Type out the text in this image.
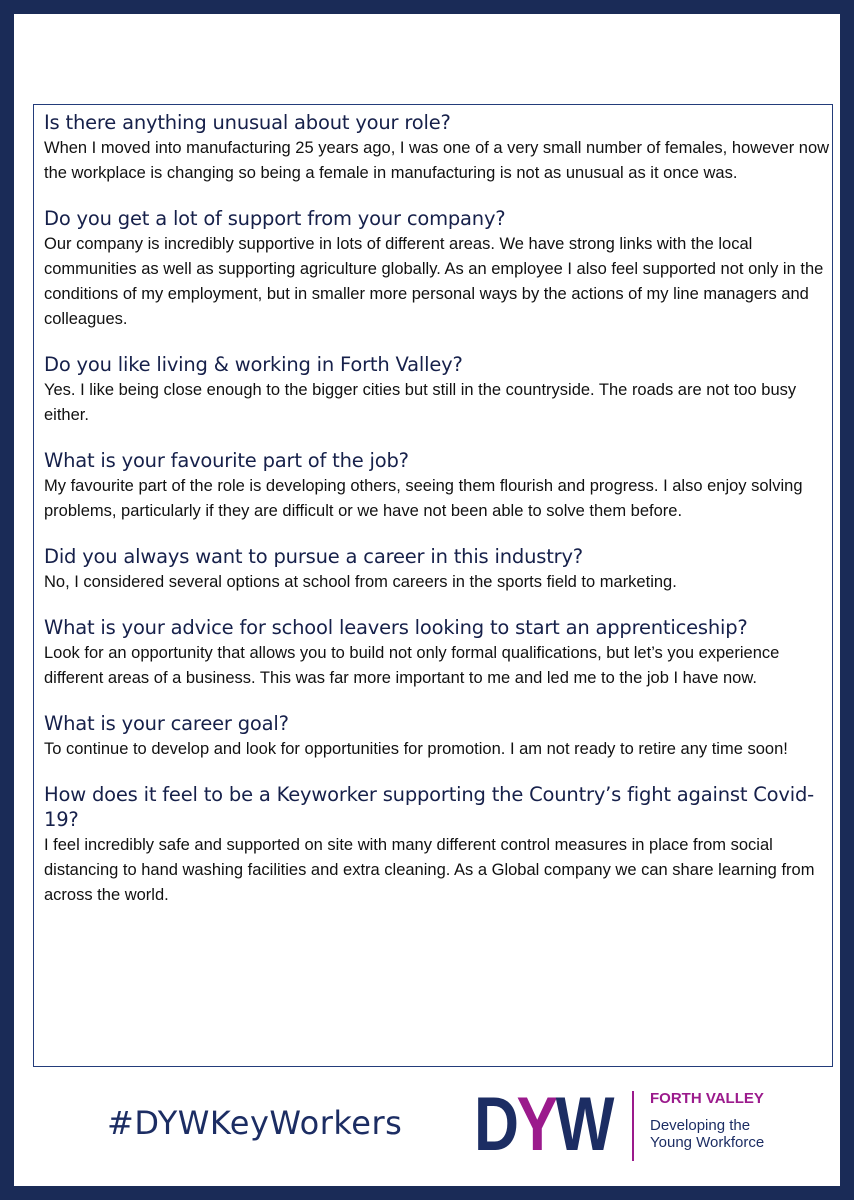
Is there anything unusual about your role?

When I moved into manufacturing 25 years ago, I was one of a very small number of females, however now the workplace is changing so being a female in manufacturing is not as unusual as it once was.

Do you get a lot of support from your company?

Our company is incredibly supportive in lots of different areas. We have strong links with the local communities as well as supporting agriculture globally. As an employee I also feel supported not only in the conditions of my employment, but in smaller more personal ways by the actions of my line managers and colleagues.

Do you like living & working in Forth Valley?

Yes. I like being close enough to the bigger cities but still in the countryside. The roads are not too busy either.

What is your favourite part of the job?

My favourite part of the role is developing others, seeing them flourish and progress. I also enjoy solving problems, particularly if they are difficult or we have not been able to solve them before.

Did you always want to pursue a career in this industry?

No, I considered several options at school from careers in the sports field to marketing.

What is your advice for school leavers looking to start an apprenticeship?

Look for an opportunity that allows you to build not only formal qualifications, but let’s you experience different areas of a business. This was far more important to me and led me to the job I have now.

What is your career goal?

To continue to develop and look for opportunities for promotion. I am not ready to retire any time soon!

How does it feel to be a Keyworker supporting the Country’s fight against Covid-19?

I feel incredibly safe and supported on site with many different control measures in place from social distancing to hand washing facilities and extra cleaning. As a Global company we can share learning from across the world.

#DYWKeyWorkers DYW	FORTH VALLEY
Developing the Young Workforce
